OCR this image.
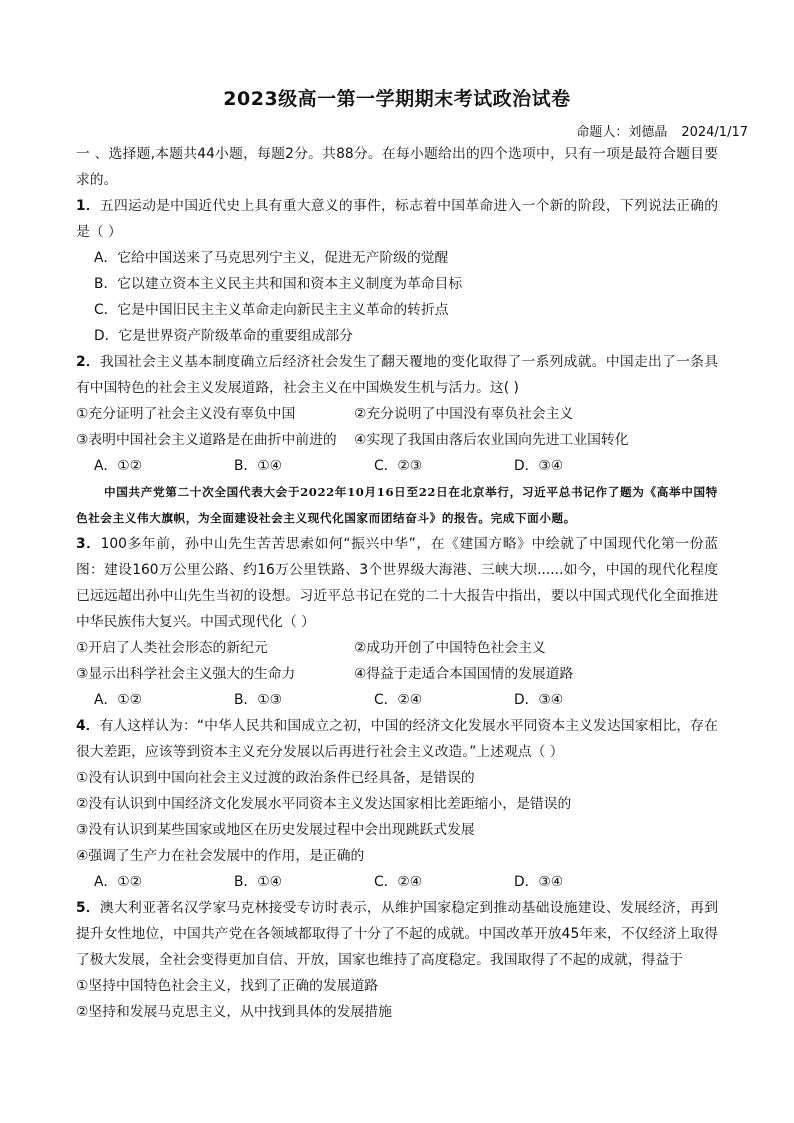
2023级高一第一学期期末考试政治试卷
命题人：刘德晶 2024/1/17

一 、选择题,本题共44小题，每题2分。共88分。在每小题给出的四个选项中，只有一项是最符合题目要求的。

1．五四运动是中国近代史上具有重大意义的事件，标志着中国革命进入一个新的阶段，下列说法正确的是（ ）

A．它给中国送来了马克思列宁主义，促进无产阶级的觉醒

B．它以建立资本主义民主共和国和资本主义制度为革命目标

C．它是中国旧民主主义革命走向新民主主义革命的转折点

D．它是世界资产阶级革命的重要组成部分

2．我国社会主义基本制度确立后经济社会发生了翻天覆地的变化取得了一系列成就。中国走出了一条具有中国特色的社会主义发展道路，社会主义在中国焕发生机与活力。这( )

①充分证明了社会主义没有辜负中国	②充分说明了中国没有辜负社会主义

③表明中国社会主义道路是在曲折中前进的	④实现了我国由落后农业国向先进工业国转化

A．①②	B．①④	C．②③	D．③④

中国共产党第二十次全国代表大会于2022年10月16日至22日在北京举行，习近平总书记作了题为《高举中国特色社会主义伟大旗帜，为全面建设社会主义现代化国家而团结奋斗》的报告。完成下面小题。

3．100多年前，孙中山先生苦苦思索如何“振兴中华”，在《建国方略》中绘就了中国现代化第一份蓝图：建设160万公里公路、约16万公里铁路、3个世界级大海港、三峡大坝......如今，中国的现代化程度已远远超出孙中山先生当初的设想。习近平总书记在党的二十大报告中指出，要以中国式现代化全面推进中华民族伟大复兴。中国式现代化（ ）

①开启了人类社会形态的新纪元	②成功开创了中国特色社会主义

③显示出科学社会主义强大的生命力	④得益于走适合本国国情的发展道路

A．①②	B．①③	C．②④	D．③④

4．有人这样认为：“中华人民共和国成立之初，中国的经济文化发展水平同资本主义发达国家相比，存在很大差距，应该等到资本主义充分发展以后再进行社会主义改造。”上述观点（ ）

①没有认识到中国向社会主义过渡的政治条件已经具备，是错误的

②没有认识到中国经济文化发展水平同资本主义发达国家相比差距缩小，是错误的

③没有认识到某些国家或地区在历史发展过程中会出现跳跃式发展

④强调了生产力在社会发展中的作用，是正确的

A．①②	B．①④	C．②④	D．③④

5．澳大利亚著名汉学家马克林接受专访时表示，从维护国家稳定到推动基础设施建设、发展经济，再到提升女性地位，中国共产党在各领域都取得了十分了不起的成就。中国改革开放45年来，不仅经济上取得了极大发展，全社会变得更加自信、开放，国家也维持了高度稳定。我国取得了不起的成就，得益于

①坚持中国特色社会主义，找到了正确的发展道路

②坚持和发展马克思主义，从中找到具体的发展措施
